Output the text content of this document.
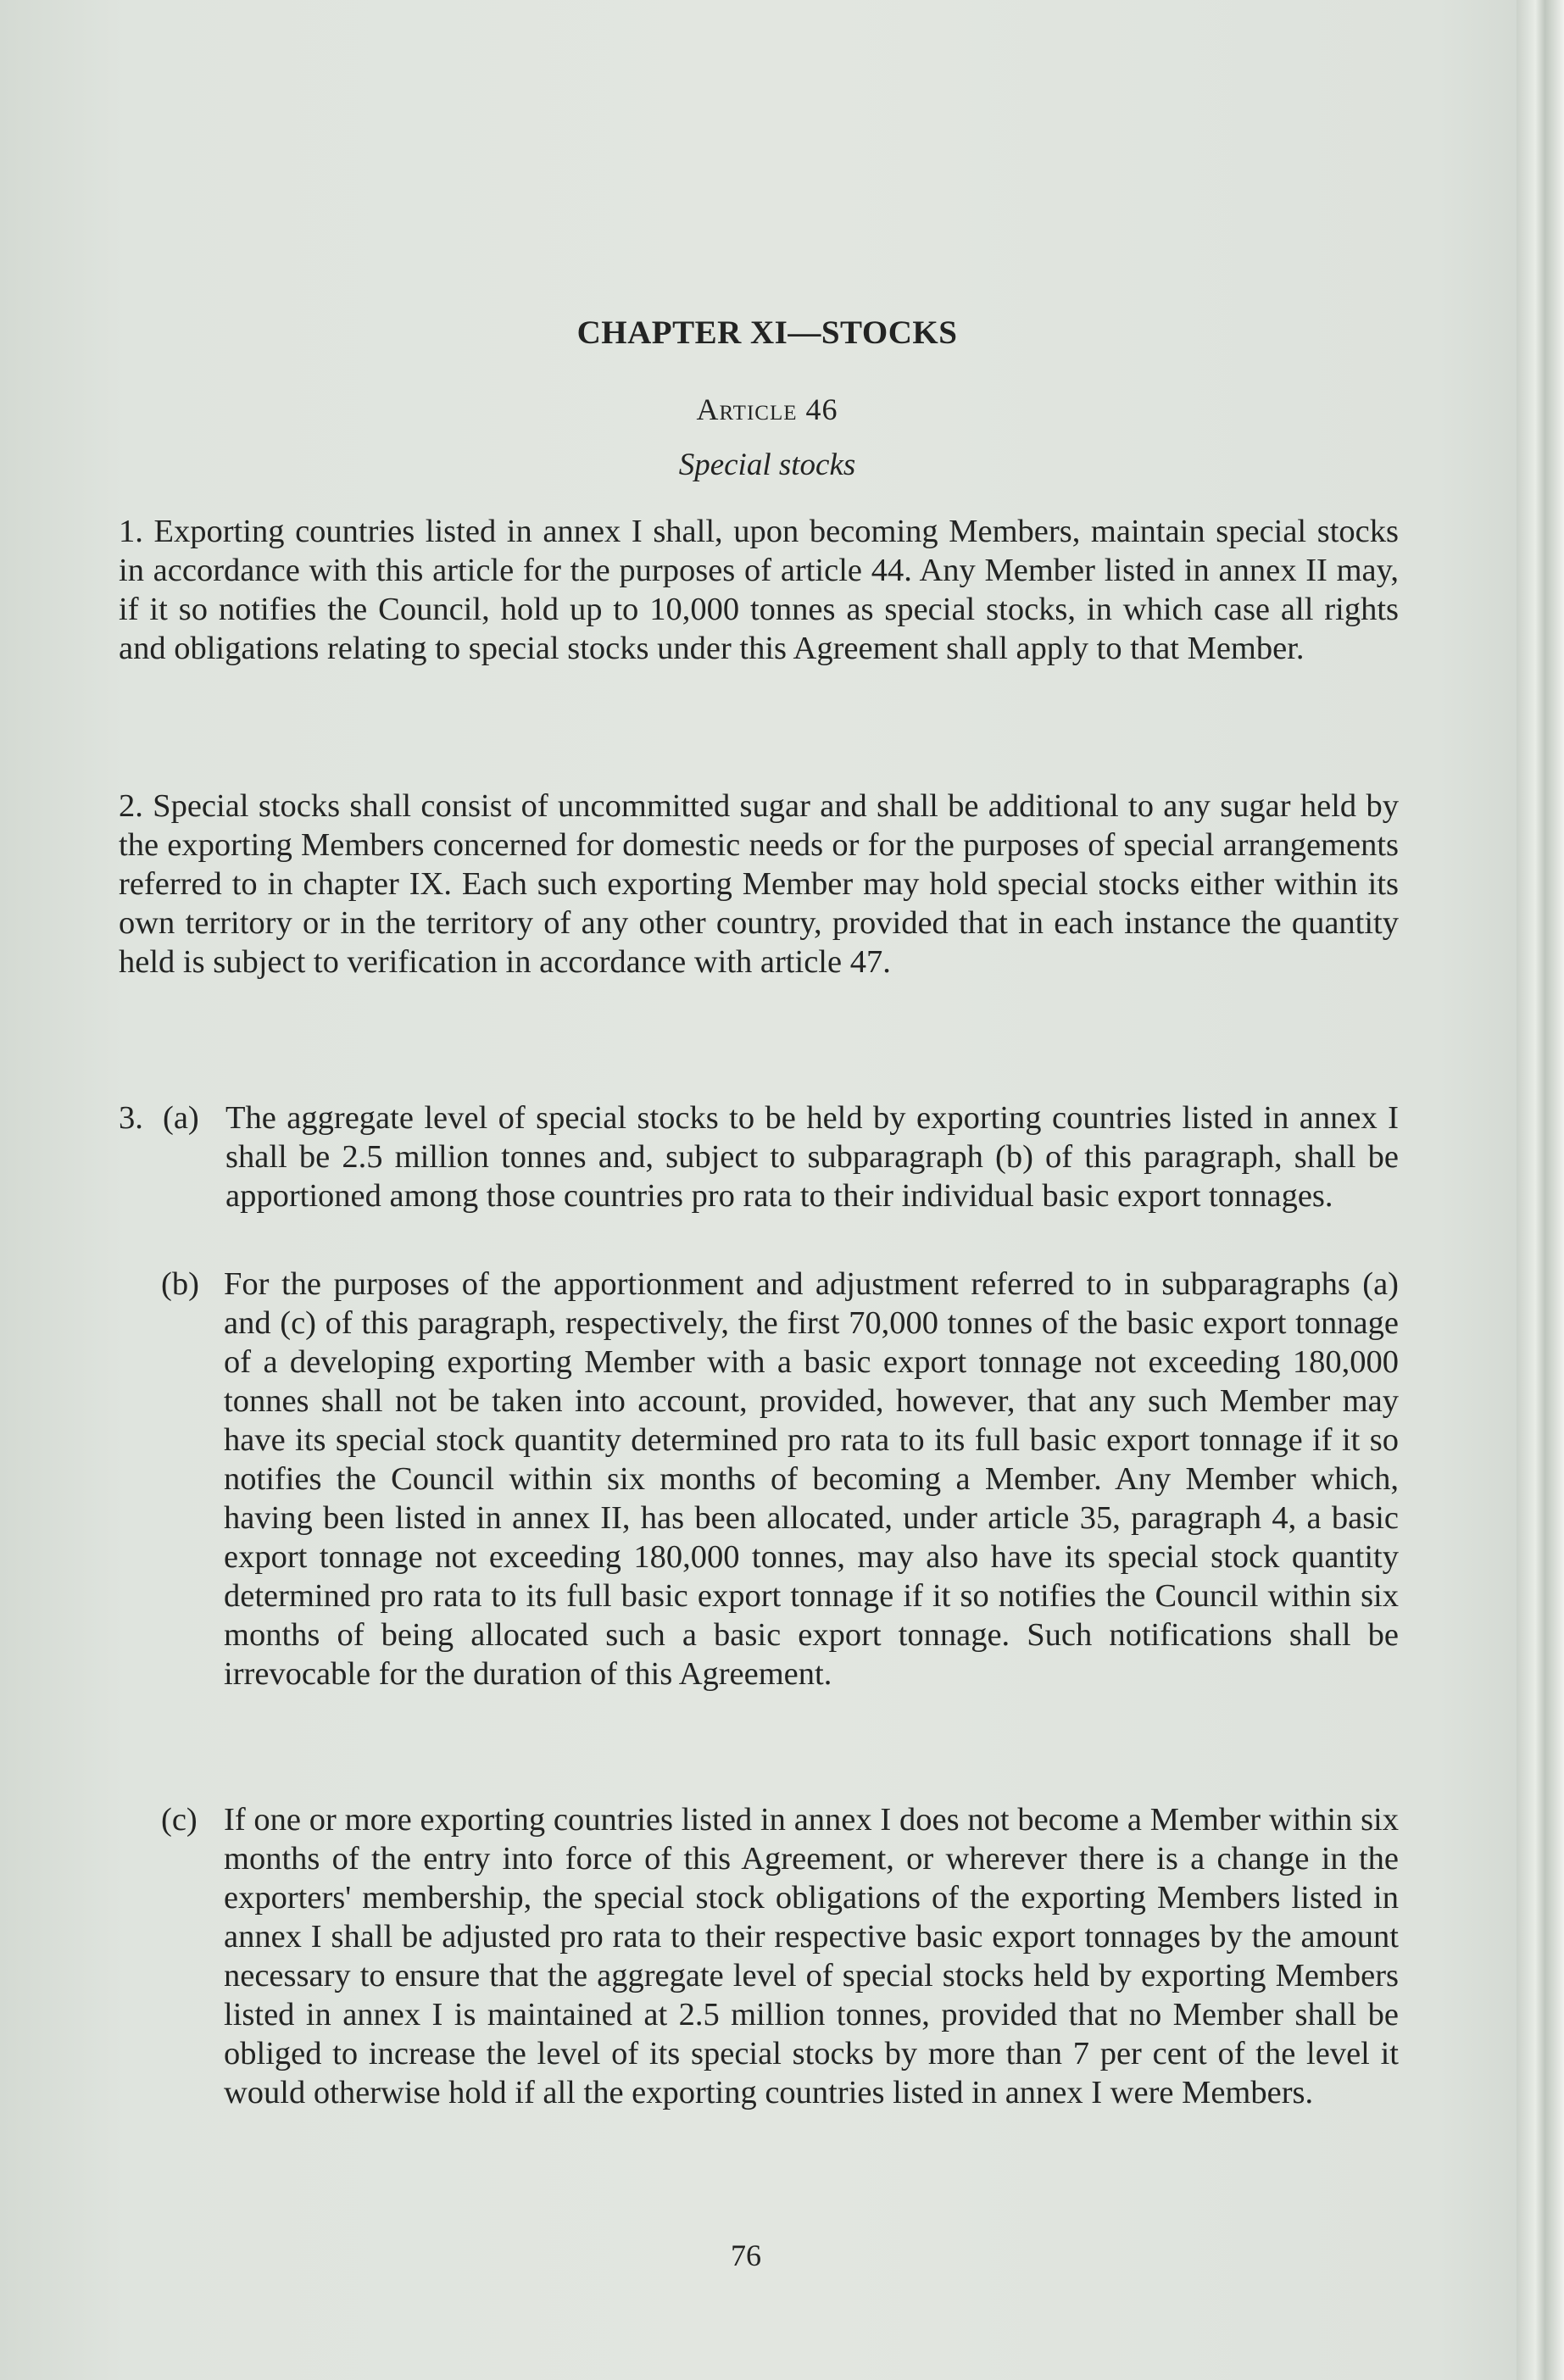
CHAPTER XI—STOCKS
Article 46
Special stocks
1. Exporting countries listed in annex I shall, upon becoming Members, maintain special stocks in accordance with this article for the purposes of article 44. Any Member listed in annex II may, if it so notifies the Council, hold up to 10,000 tonnes as special stocks, in which case all rights and obligations relating to special stocks under this Agreement shall apply to that Member.
2. Special stocks shall consist of uncommitted sugar and shall be additional to any sugar held by the exporting Members concerned for domestic needs or for the purposes of special arrangements referred to in chapter IX. Each such exporting Member may hold special stocks either within its own territory or in the territory of any other country, provided that in each instance the quantity held is subject to verification in accordance with article 47.
3. (a) The aggregate level of special stocks to be held by exporting countries listed in annex I shall be 2.5 million tonnes and, subject to subparagraph (b) of this paragraph, shall be apportioned among those countries pro rata to their individual basic export tonnages.
(b) For the purposes of the apportionment and adjustment referred to in subparagraphs (a) and (c) of this paragraph, respectively, the first 70,000 tonnes of the basic export tonnage of a developing exporting Member with a basic export tonnage not exceeding 180,000 tonnes shall not be taken into account, provided, however, that any such Member may have its special stock quantity determined pro rata to its full basic export tonnage if it so notifies the Council within six months of becoming a Member. Any Member which, having been listed in annex II, has been allocated, under article 35, paragraph 4, a basic export tonnage not exceeding 180,000 tonnes, may also have its special stock quantity determined pro rata to its full basic export tonnage if it so notifies the Council within six months of being allocated such a basic export tonnage. Such notifications shall be irrevocable for the duration of this Agreement.
(c) If one or more exporting countries listed in annex I does not become a Member within six months of the entry into force of this Agreement, or wherever there is a change in the exporters' membership, the special stock obligations of the exporting Members listed in annex I shall be adjusted pro rata to their respective basic export tonnages by the amount necessary to ensure that the aggregate level of special stocks held by exporting Members listed in annex I is maintained at 2.5 million tonnes, provided that no Member shall be obliged to increase the level of its special stocks by more than 7 per cent of the level it would otherwise hold if all the exporting countries listed in annex I were Members.
76
